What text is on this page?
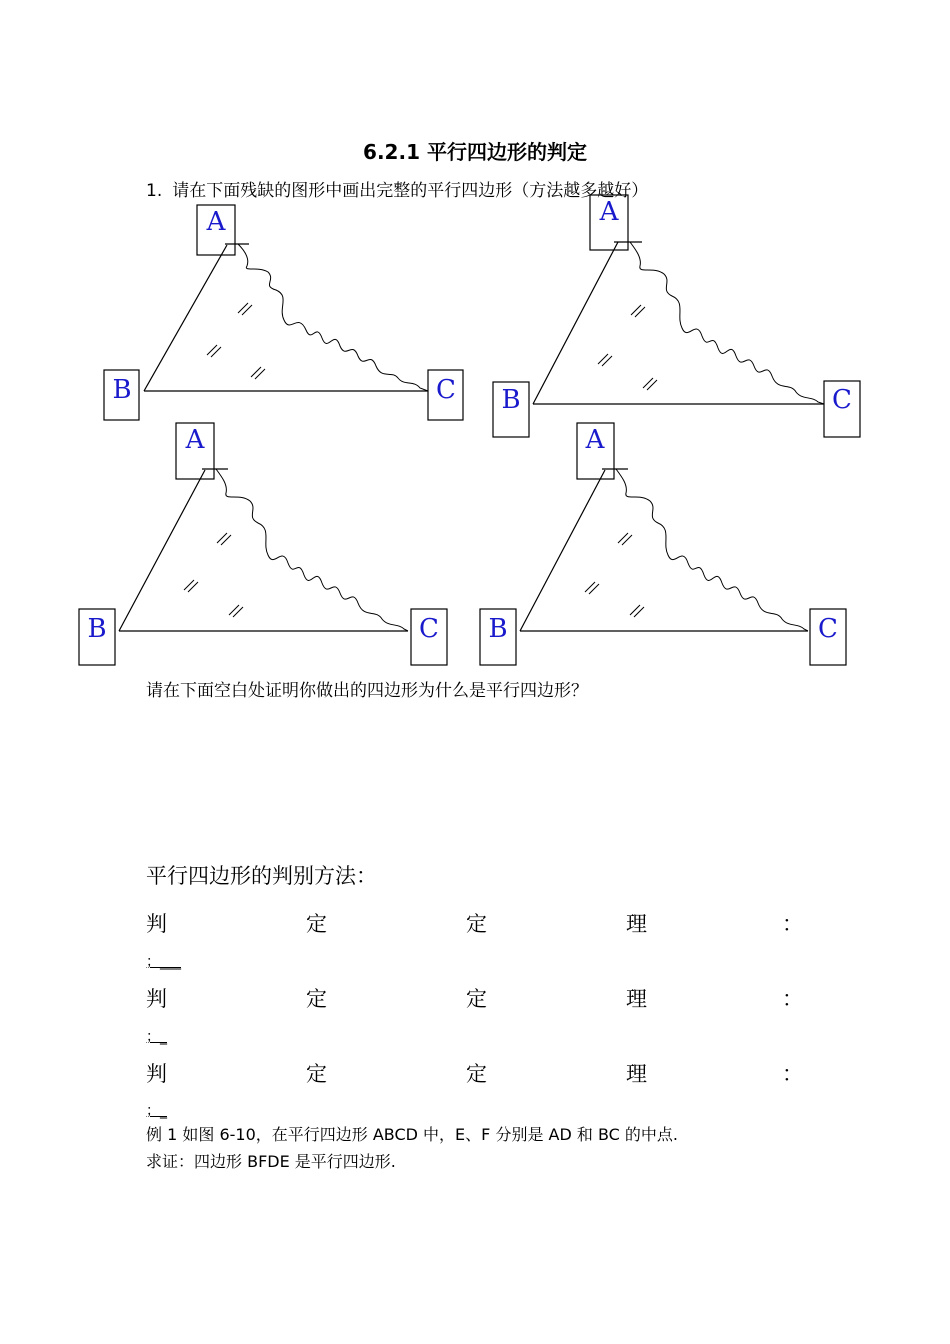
6.2.1 平行四边形的判定
1. 请在下面残缺的图形中画出完整的平行四边形（方法越多越好）
A
B	C
A
B	C
A
B	C
A
B	C
请在下面空白处证明你做出的四边形为什么是平行四边形？
平行四边形的判别方法：
判	定	定	理	：
；___
判	定	定	理	：
；_
判	定	定	理	：
；_
例 1 如图 6-10，在平行四边形 ABCD 中，E、F 分别是 AD 和 BC 的中点.
求证：四边形 BFDE 是平行四边形.
